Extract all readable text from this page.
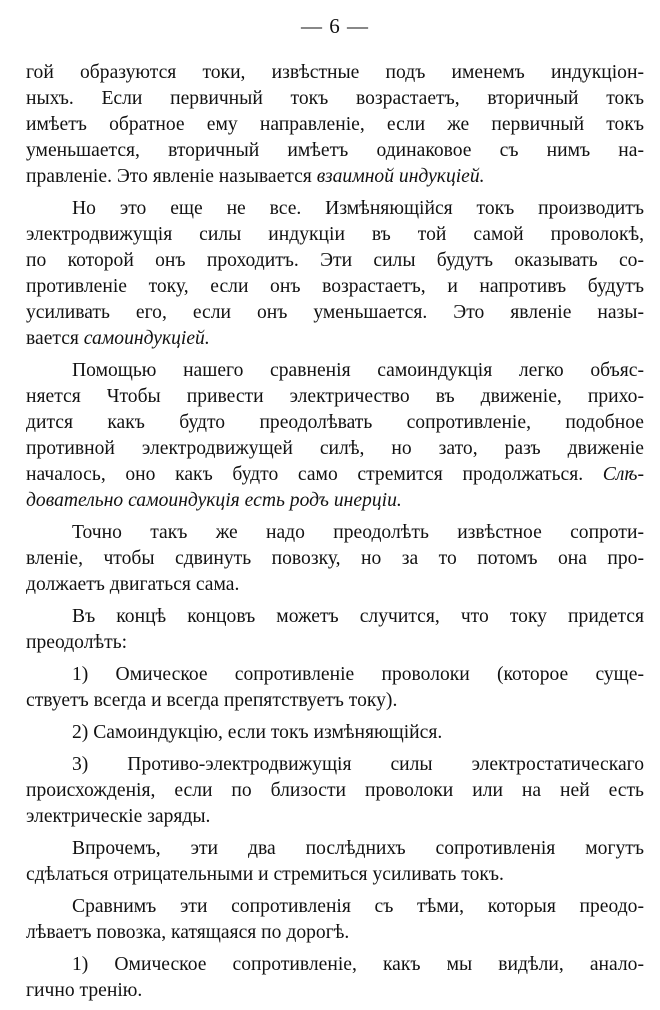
— 6 —
гой образуются токи, извѣстные подъ именемъ индукціон-
ныхъ. Если первичный токъ возрастаетъ, вторичный токъ
имѣетъ обратное ему направленіе, если же первичный токъ
уменьшается, вторичный имѣетъ одинаковое съ нимъ на-
правленіе. Это явленіе называется взаимной индукціей.
Но это еще не все. Измѣняющійся токъ производитъ
электродвижущія силы индукціи въ той самой проволокѣ,
по которой онъ проходитъ. Эти силы будутъ оказывать со-
противленіе току, если онъ возрастаетъ, и напротивъ будутъ
усиливать его, если онъ уменьшается. Это явленіе назы-
вается самоиндукціей.
Помощью нашего сравненія самоиндукція легко объяс-
няется Чтобы привести электричество въ движеніе, прихо-
дится какъ будто преодолѣвать сопротивленіе, подобное
противной электродвижущей силѣ, но зато, разъ движеніе
началось, оно какъ будто само стремится продолжаться. Слѣ-
довательно самоиндукція есть родъ инерціи.
Точно такъ же надо преодолѣть извѣстное сопроти-
вленіе, чтобы сдвинуть повозку, но за то потомъ она про-
должаетъ двигаться сама.
Въ концѣ концовъ можетъ случится, что току придется
преодолѣть:
1) Омическое сопротивленіе проволоки (которое суще-
ствуетъ всегда и всегда препятствуетъ току).
2) Самоиндукцію, если токъ измѣняющійся.
3) Противо-электродвижущія силы электростатическаго
происхожденія, если по близости проволоки или на ней есть
электрическіе заряды.
Впрочемъ, эти два послѣднихъ сопротивленія могутъ
сдѣлаться отрицательными и стремиться усиливать токъ.
Сравнимъ эти сопротивленія съ тѣми, которыя преодо-
лѣваетъ повозка, катящаяся по дорогѣ.
1) Омическое сопротивленіе, какъ мы видѣли, анало-
гично тренію.
